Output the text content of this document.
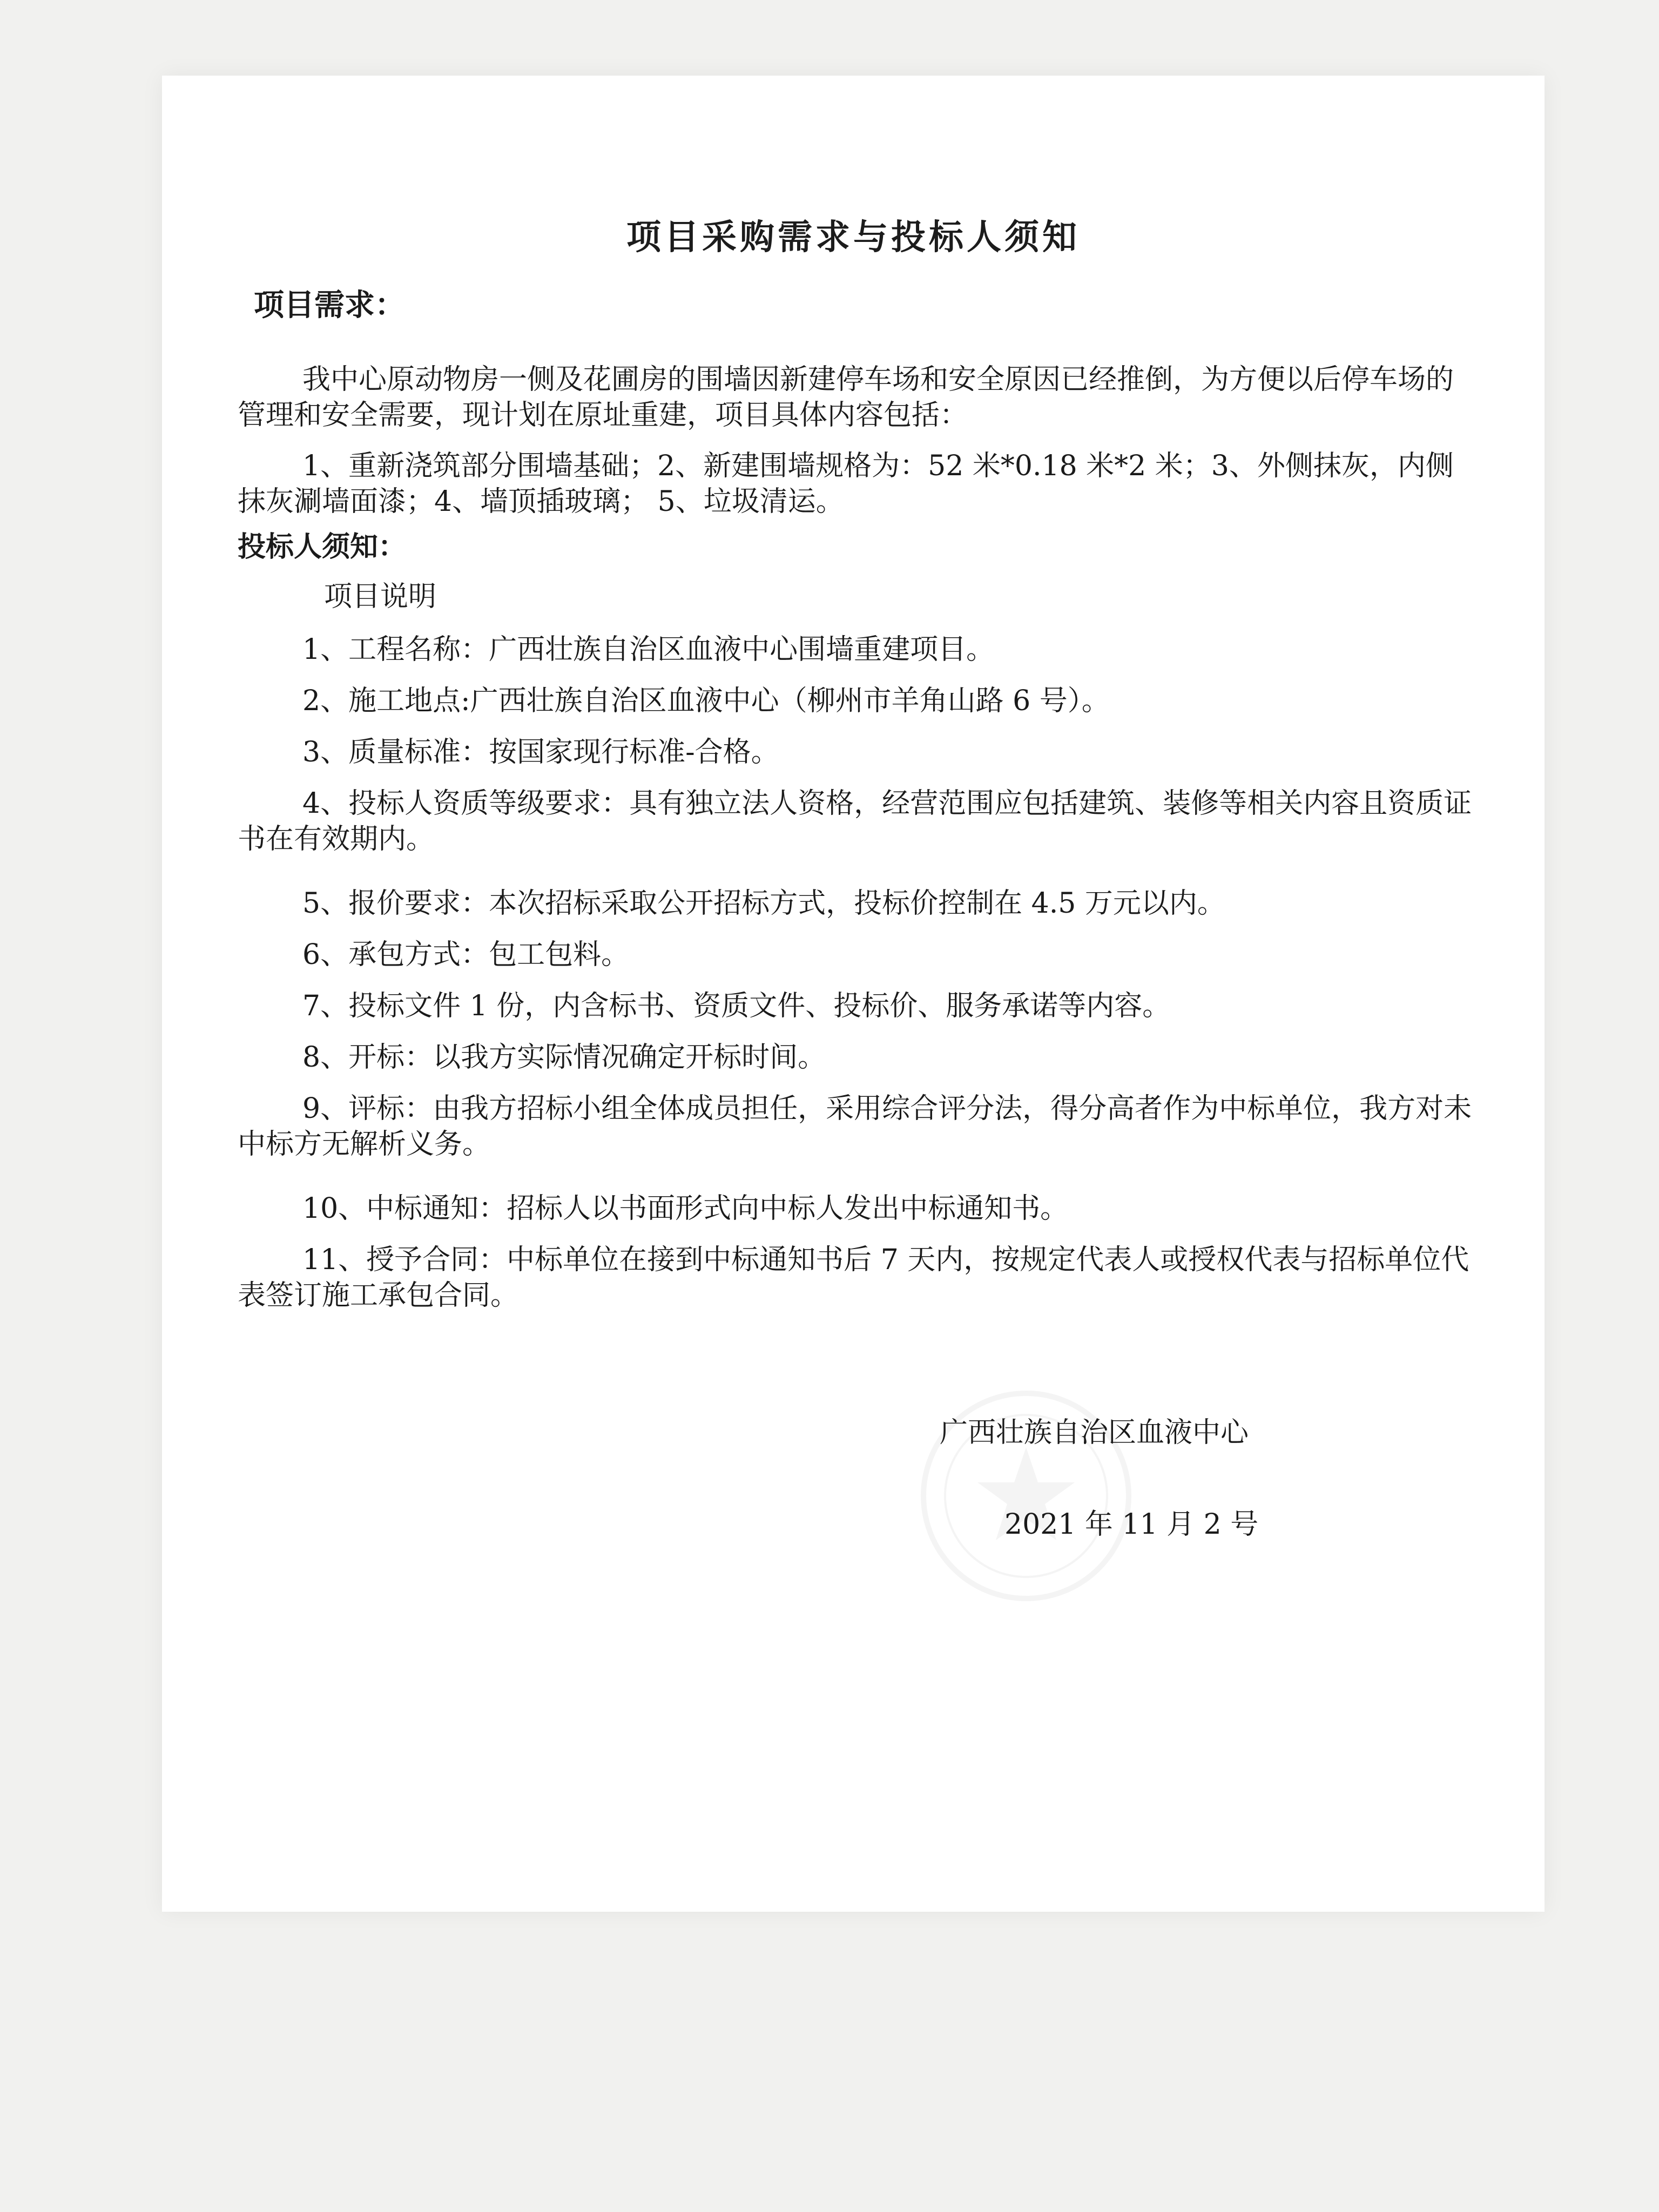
项目采购需求与投标人须知
项目需求：

我中心原动物房一侧及花圃房的围墙因新建停车场和安全原因已经推倒，为方便以后停车场的管理和安全需要，现计划在原址重建，项目具体内容包括：

1、重新浇筑部分围墙基础；2、新建围墙规格为：52 米*0.18 米*2 米；3、外侧抹灰，内侧抹灰涮墙面漆；4、墙顶插玻璃； 5、垃圾清运。

投标人须知：

项目说明

1、工程名称：广西壮族自治区血液中心围墙重建项目。

2、施工地点:广西壮族自治区血液中心（柳州市羊角山路 6 号）。

3、质量标准：按国家现行标准-合格。

4、投标人资质等级要求：具有独立法人资格，经营范围应包括建筑、装修等相关内容且资质证书在有效期内。

5、报价要求：本次招标采取公开招标方式，投标价控制在 4.5 万元以内。

6、承包方式：包工包料。

7、投标文件 1 份，内含标书、资质文件、投标价、服务承诺等内容。

8、开标：以我方实际情况确定开标时间。

9、评标：由我方招标小组全体成员担任，采用综合评分法，得分高者作为中标单位，我方对未中标方无解析义务。

10、中标通知：招标人以书面形式向中标人发出中标通知书。

11、授予合同：中标单位在接到中标通知书后 7 天内，按规定代表人或授权代表与招标单位代表签订施工承包合同。

广西壮族自治区血液中心

2021 年 11 月 2 号
